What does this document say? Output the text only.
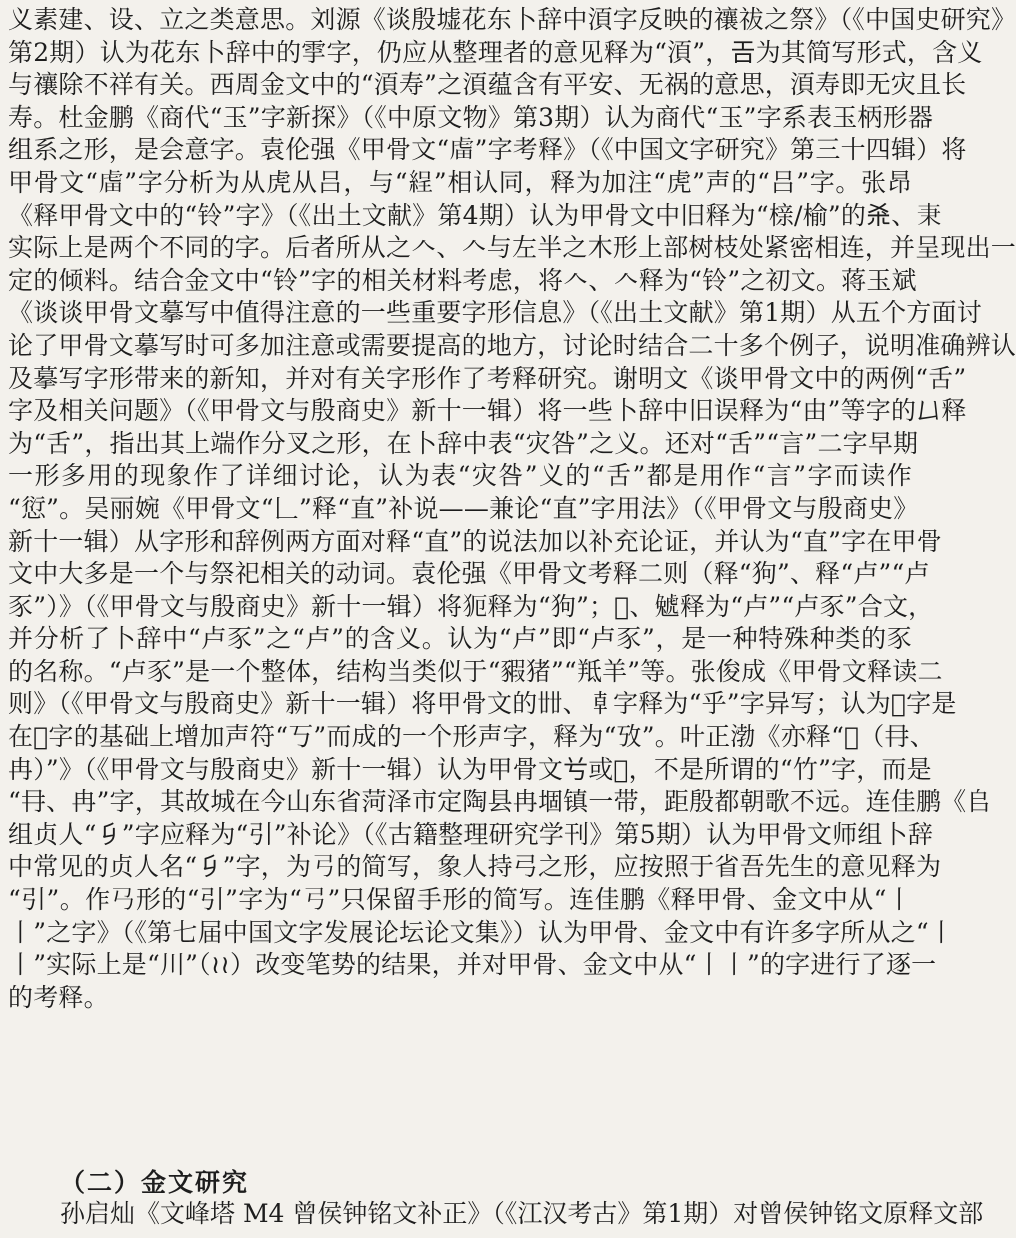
义素建、设、立之类意思。刘源《谈殷墟花东卜辞中湏字反映的禳祓之祭》（《中国史研究》
第2期）认为花东卜辞中的𩁹字，仍应从整理者的意见释为“湏”，𢀛为其简写形式，含义
与禳除不祥有关。西周金文中的“湏寿”之湏蕴含有平安、无祸的意思，湏寿即无灾且长
寿。杜金鹏《商代“玉”字新探》（《中原文物》第3期）认为商代“玉”字系表玉柄形器
组系之形，是会意字。袁伦强《甲骨文“𧆨”字考释》（《中国文字研究》第三十四辑）将
甲骨文“𧆨”字分析为从虎从吕，与“𦀚”相认同，释为加注“虎”声的“吕”字。张昂
《释甲骨文中的“铃”字》（《出土文献》第4期）认为甲骨文中旧释为“榇/榆”的𣏂、𣏃
实际上是两个不同的字。后者所从之𠆢、𠆢与左半之木形上部树枝处紧密相连，并呈现出一
定的倾料。结合金文中“铃”字的相关材料考虑，将𠆢、𠆢释为“铃”之初文。蒋玉斌
《谈谈甲骨文摹写中值得注意的一些重要字形信息》（《出土文献》第1期）从五个方面讨
论了甲骨文摹写时可多加注意或需要提高的地方，讨论时结合二十多个例子，说明准确辨认
及摹写字形带来的新知，并对有关字形作了考释研究。谢明文《谈甲骨文中的两例“舌”
字及相关问题》（《甲骨文与殷商史》新十一辑）将一些卜辞中旧误释为“由”等字的𠙴释
为“舌”，指出其上端作分叉之形，在卜辞中表“灾咎”之义。还对“舌”“言”二字早期
一形多用的现象作了详细讨论，认为表“灾咎”义的“舌”都是用作“言”字而读作
“愆”。吴丽婉《甲骨文“𠃊”释“直”补说——兼论“直”字用法》（《甲骨文与殷商史》
新十一辑）从字形和辞例两方面对释“直”的说法加以补充论证，并认为“直”字在甲骨
文中大多是一个与祭祀相关的动词。袁伦强《甲骨文考释二则（释“狗”、释“卢”“卢
豕”）》（《甲骨文与殷商史》新十一辑）将𤜸释为“狗”；𧇡、𧇢释为“卢”“卢豕”合文，
并分析了卜辞中“卢豕”之“卢”的含义。认为“卢”即“卢豕”，是一种特殊种类的豕
的名称。“卢豕”是一个整体，结构当类似于“豭猪”“羝羊”等。张俊成《甲骨文释读二
则》（《甲骨文与殷商史》新十一辑）将甲骨文的𠦜、𠦝字释为“乎”字异写；认为𠦞字是
在𠦟字的基础上增加声符“丂”而成的一个形声字，释为“攷”。叶正渤《亦释“𠔃（冄、
冉）”》（《甲骨文与殷商史》新十一辑）认为甲骨文𠔃或𠔄，不是所谓的“竹”字，而是
“冄、冉”字，其故城在今山东省菏泽市定陶县冉堌镇一带，距殷都朝歌不远。连佳鹏《𠂤
组贞人“𠂎”字应释为“引”补论》（《古籍整理研究学刊》第5期）认为甲骨文师组卜辞
中常见的贞人名“𠂎”字，为𢎗的简写，象人持弓之形，应按照于省吾先生的意见释为
“引”。作𢎘形的“引”字为“𢎗”只保留手形的简写。连佳鹏《释甲骨、金文中从“丨
丨”之字》（《第七届中国文字发展论坛论文集》）认为甲骨、金文中有许多字所从之“丨
丨”实际上是“川”（≀≀）改变笔势的结果，并对甲骨、金文中从“丨丨”的字进行了逐一
的考释。
（二）金文研究
孙启灿《文峰塔 M4 曾侯钟铭文补正》（《江汉考古》第1期）对曾侯钟铭文原释文部
